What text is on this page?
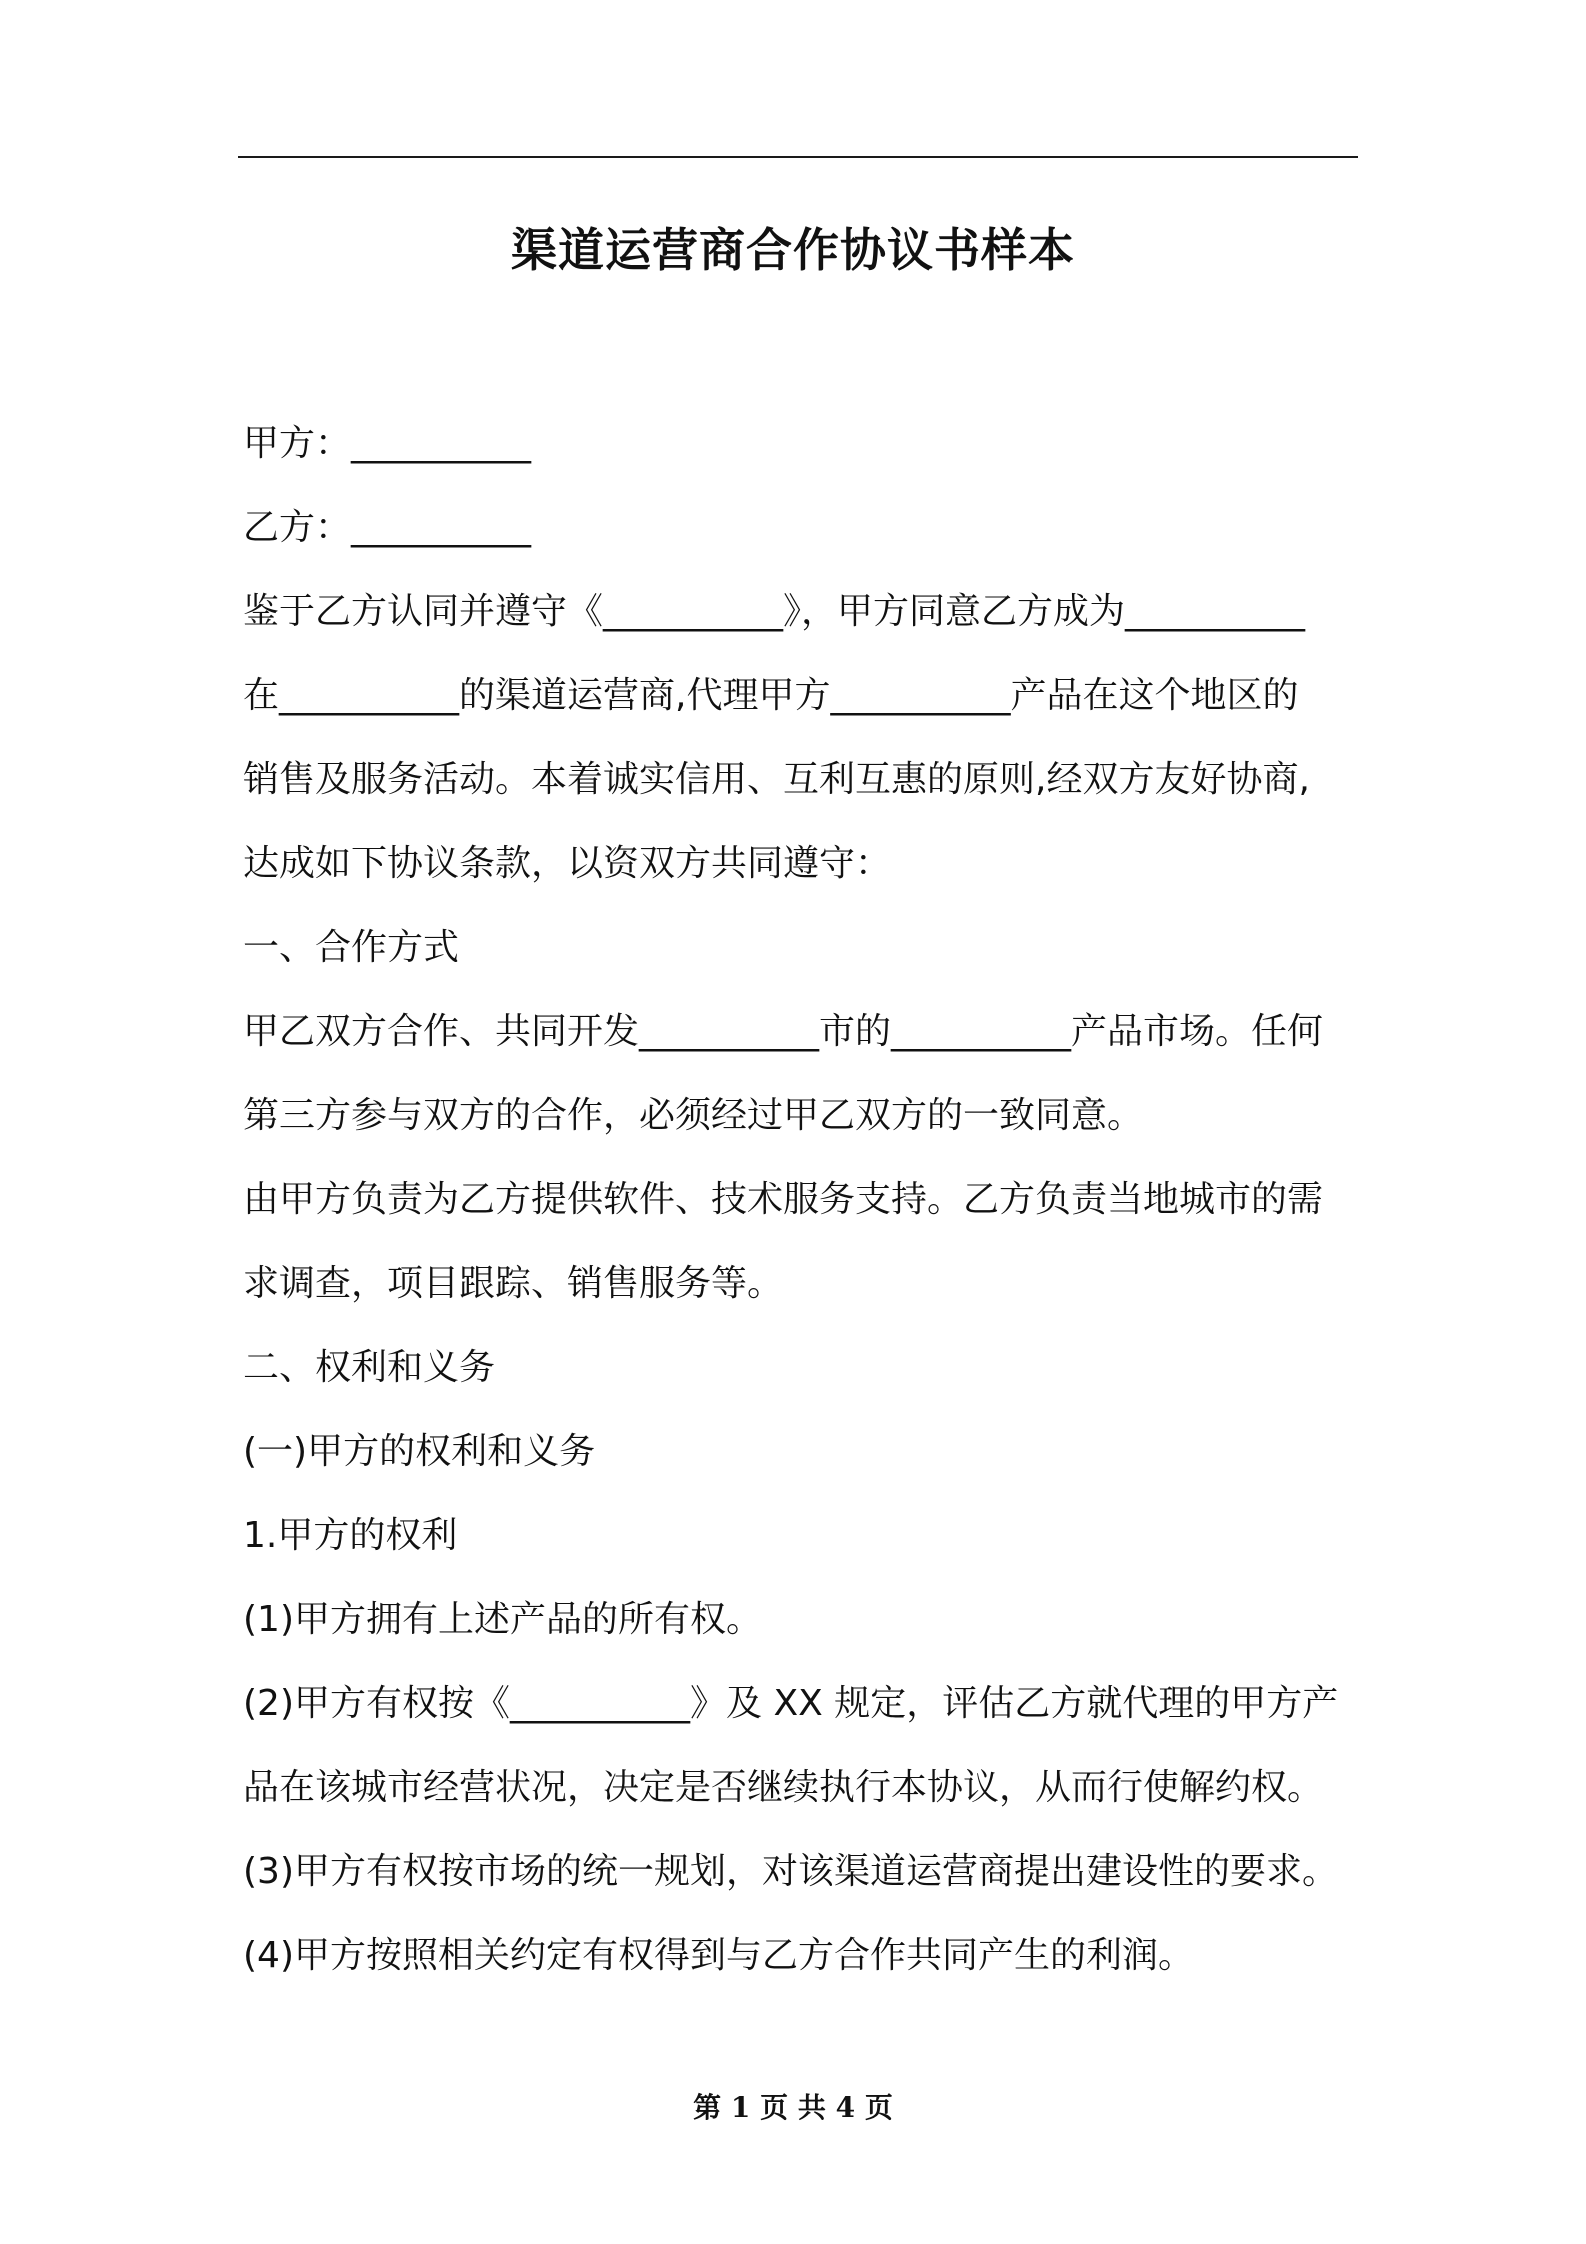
渠道运营商合作协议书样本

甲方：__________

乙方：__________

鉴于乙方认同并遵守《__________》，甲方同意乙方成为__________

在__________的渠道运营商,代理甲方__________产品在这个地区的

销售及服务活动。本着诚实信用、互利互惠的原则,经双方友好协商,

达成如下协议条款，以资双方共同遵守：

一、合作方式

甲乙双方合作、共同开发__________市的__________产品市场。任何

第三方参与双方的合作，必须经过甲乙双方的一致同意。

由甲方负责为乙方提供软件、技术服务支持。乙方负责当地城市的需

求调查，项目跟踪、销售服务等。

二、权利和义务

(一)甲方的权利和义务

1.甲方的权利

(1)甲方拥有上述产品的所有权。

(2)甲方有权按《__________》及 XX 规定，评估乙方就代理的甲方产

品在该城市经营状况，决定是否继续执行本协议，从而行使解约权。

(3)甲方有权按市场的统一规划，对该渠道运营商提出建设性的要求。

(4)甲方按照相关约定有权得到与乙方合作共同产生的利润。

第 1 页 共 4 页
